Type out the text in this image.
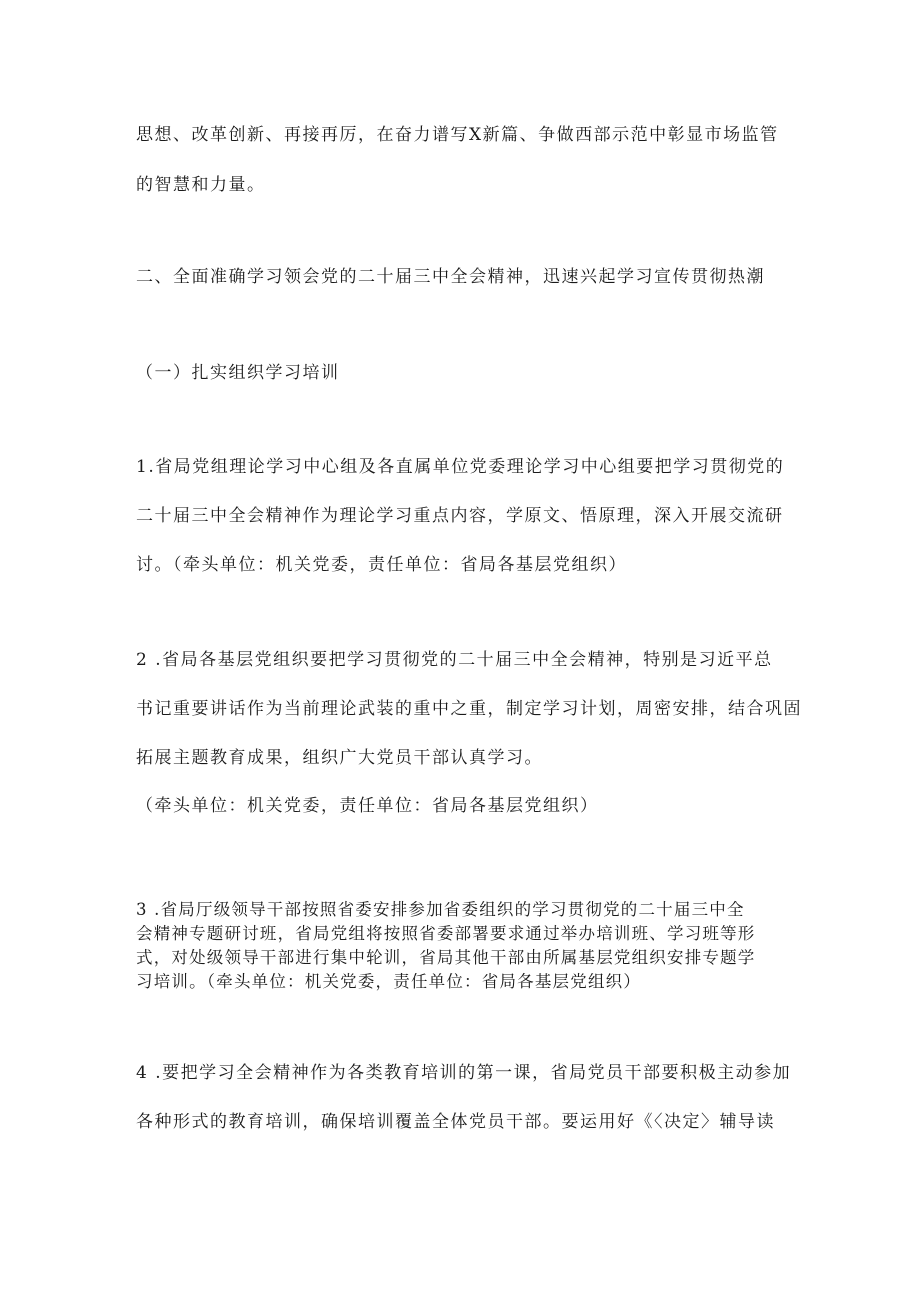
思想、改革创新、再接再厉，在奋力谱写X新篇、争做西部示范中彰显市场监管
的智慧和力量。
二、全面准确学习领会党的二十届三中全会精神，迅速兴起学习宣传贯彻热潮
（一）扎实组织学习培训
1.省局党组理论学习中心组及各直属单位党委理论学习中心组要把学习贯彻党的
二十届三中全会精神作为理论学习重点内容，学原文、悟原理，深入开展交流研
讨。（牵头单位：机关党委，责任单位：省局各基层党组织）
2 .省局各基层党组织要把学习贯彻党的二十届三中全会精神，特别是习近平总
书记重要讲话作为当前理论武装的重中之重，制定学习计划，周密安排，结合巩固
拓展主题教育成果，组织广大党员干部认真学习。
（牵头单位：机关党委，责任单位：省局各基层党组织）
3 .省局厅级领导干部按照省委安排参加省委组织的学习贯彻党的二十届三中全
会精神专题研讨班，省局党组将按照省委部署要求通过举办培训班、学习班等形
式，对处级领导干部进行集中轮训，省局其他干部由所属基层党组织安排专题学
习培训。（牵头单位：机关党委，责任单位：省局各基层党组织）
4 .要把学习全会精神作为各类教育培训的第一课，省局党员干部要积极主动参加
各种形式的教育培训，确保培训覆盖全体党员干部。要运用好《〈决定〉辅导读
